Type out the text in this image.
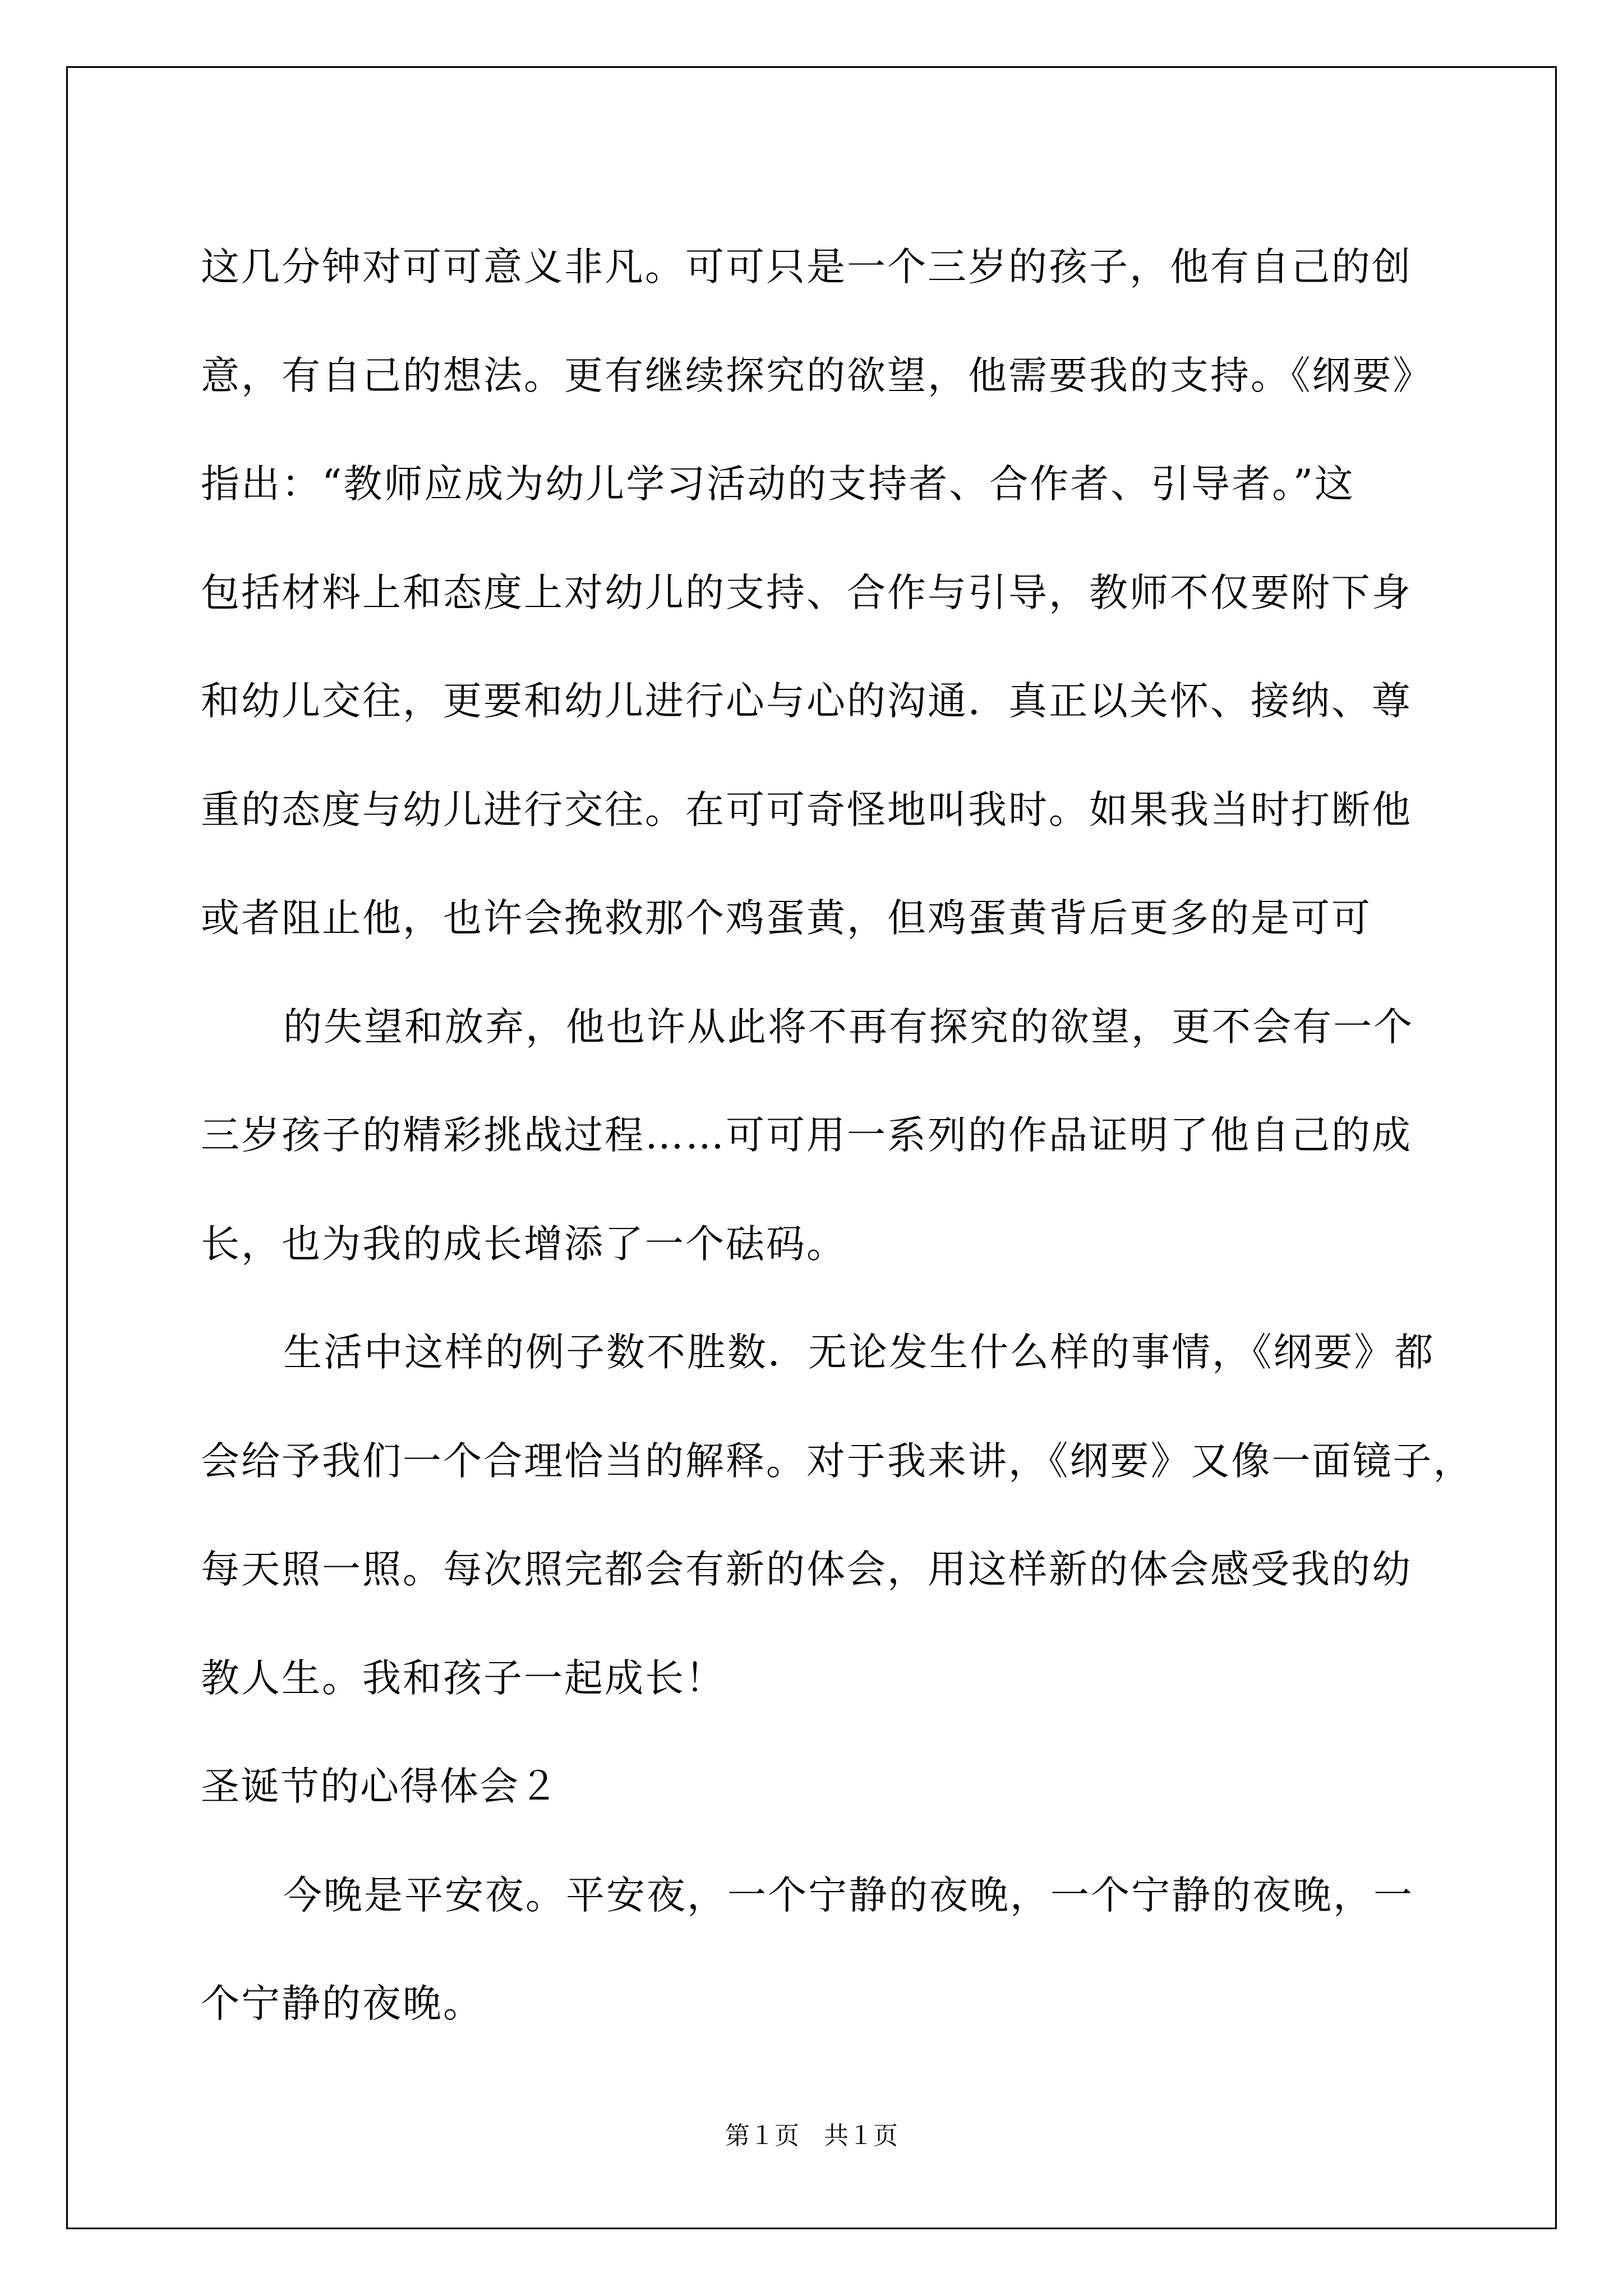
这几分钟对可可意义非凡。可可只是一个三岁的孩子，他有自己的创
意，有自己的想法。更有继续探究的欲望，他需要我的支持。《纲要》
指出：“教师应成为幼儿学习活动的支持者、合作者、引导者。”这
包括材料上和态度上对幼儿的支持、合作与引导，教师不仅要附下身
和幼儿交往，更要和幼儿进行心与心的沟通．真正以关怀、接纳、尊
重的态度与幼儿进行交往。在可可奇怪地叫我时。如果我当时打断他
或者阻止他，也许会挽救那个鸡蛋黄，但鸡蛋黄背后更多的是可可
的失望和放弃，他也许从此将不再有探究的欲望，更不会有一个
三岁孩子的精彩挑战过程……可可用一系列的作品证明了他自己的成
长，也为我的成长增添了一个砝码。
生活中这样的例子数不胜数．无论发生什么样的事情，《纲要》都
会给予我们一个合理恰当的解释。对于我来讲，《纲要》又像一面镜子，
每天照一照。每次照完都会有新的体会，用这样新的体会感受我的幼
教人生。我和孩子一起成长！
圣诞节的心得体会２
今晚是平安夜。平安夜，一个宁静的夜晚，一个宁静的夜晚，一
个宁静的夜晚。
第１页 共１页
